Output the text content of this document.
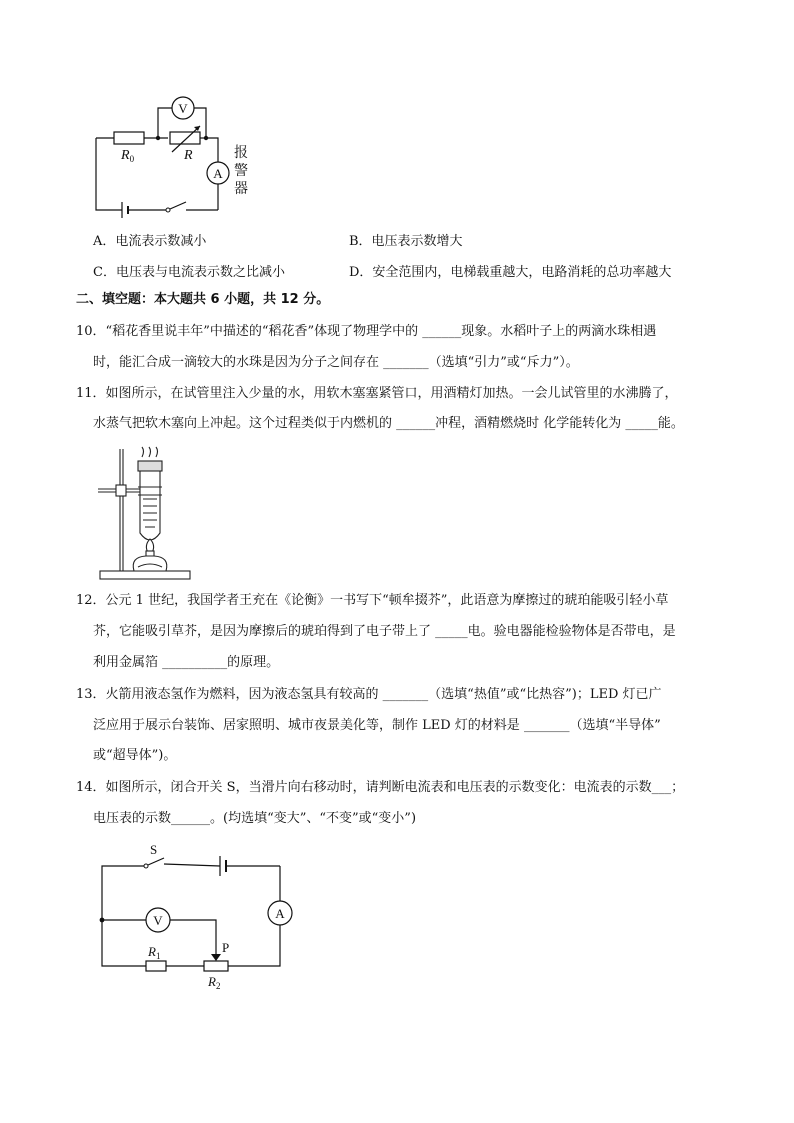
V
A
$R_0$	R	报
警
器
A．电流表示数减小	B．电压表示数增大
C．电压表与电流表示数之比减小	D．安全范围内，电梯载重越大，电路消耗的总功率越大
二、填空题：本大题共 6 小题，共 12 分。
10．“稻花香里说丰年”中描述的“稻花香”体现了物理学中的 ______现象。水稻叶子上的两滴水珠相遇
时，能汇合成一滴较大的水珠是因为分子之间存在 _______（选填“引力”或“斥力”）。
11．如图所示，在试管里注入少量的水，用软木塞塞紧管口，用酒精灯加热。一会儿试管里的水沸腾了，
水蒸气把软木塞向上冲起。这个过程类似于内燃机的 ______冲程，酒精燃烧时 化学能转化为 _____能。
12．公元 1 世纪，我国学者王充在《论衡》一书写下“顿牟掇芥”，此语意为摩擦过的琥珀能吸引轻小草
芥，它能吸引草芥，是因为摩擦后的琥珀得到了电子带上了 _____电。验电器能检验物体是否带电，是
利用金属箔 __________的原理。
13．火箭用液态氢作为燃料，因为液态氢具有较高的 _______（选填“热值”或“比热容”)；LED 灯已广
泛应用于展示台装饰、居家照明、城市夜景美化等，制作 LED 灯的材料是 _______（选填“半导体”
或“超导体”)。
14．如图所示，闭合开关 S，当滑片向右移动时，请判断电流表和电压表的示数变化：电流表的示数___；
电压表的示数______。(均选填“变大”、“不变”或“变小”)
S
V	A
$R_1$
P
$R_2$
